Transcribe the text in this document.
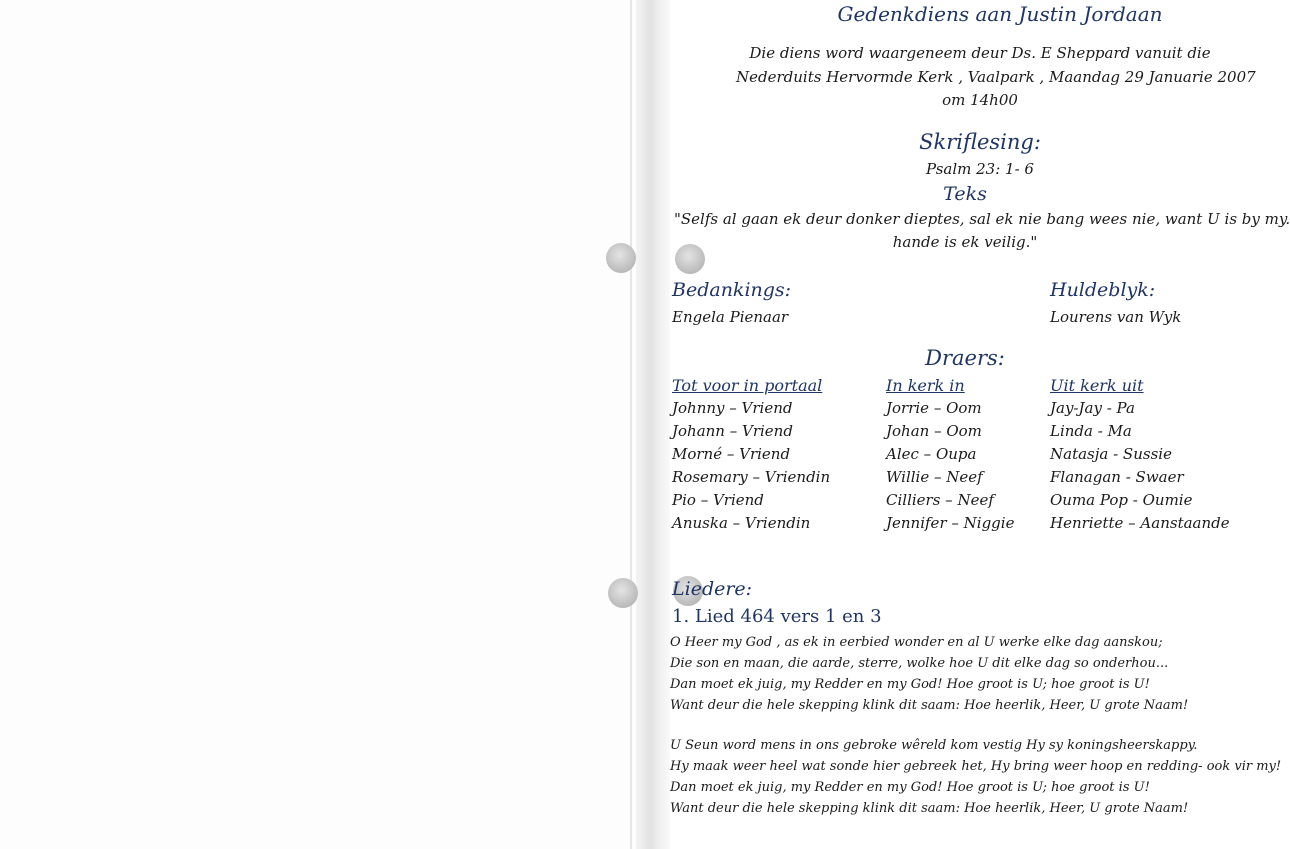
Gedenkdiens aan Justin Jordaan
Die diens word waargeneem deur Ds. E Sheppard vanuit die
Nederduits Hervormde Kerk , Vaalpark , Maandag 29 Januarie 2007
om 14h00
Skriflesing:
Psalm 23: 1- 6
Teks
"Selfs al gaan ek deur donker dieptes, sal ek nie bang wees nie, want U is by my.
hande is ek veilig."
Bedankings:
Engela Pienaar
Huldeblyk:
Lourens van Wyk
Draers:
Tot voor in portaal
Johnny – Vriend
Johann – Vriend
Morné – Vriend
Rosemary – Vriendin
Pio – Vriend
Anuska – Vriendin
In kerk in
Jorrie – Oom
Johan – Oom
Alec – Oupa
Willie – Neef
Cilliers – Neef
Jennifer – Niggie
Uit kerk uit
Jay-Jay - Pa
Linda - Ma
Natasja - Sussie
Flanagan - Swaer
Ouma Pop - Oumie
Henriette – Aanstaande
Liedere:
1. Lied 464 vers 1 en 3
O Heer my God , as ek in eerbied wonder en al U werke elke dag aanskou;
Die son en maan, die aarde, sterre, wolke hoe U dit elke dag so onderhou...
Dan moet ek juig, my Redder en my God! Hoe groot is U; hoe groot is U!
Want deur die hele skepping klink dit saam: Hoe heerlik, Heer, U grote Naam!
U Seun word mens in ons gebroke wêreld kom vestig Hy sy koningsheerskappy.
Hy maak weer heel wat sonde hier gebreek het, Hy bring weer hoop en redding- ook vir my!
Dan moet ek juig, my Redder en my God! Hoe groot is U; hoe groot is U!
Want deur die hele skepping klink dit saam: Hoe heerlik, Heer, U grote Naam!
